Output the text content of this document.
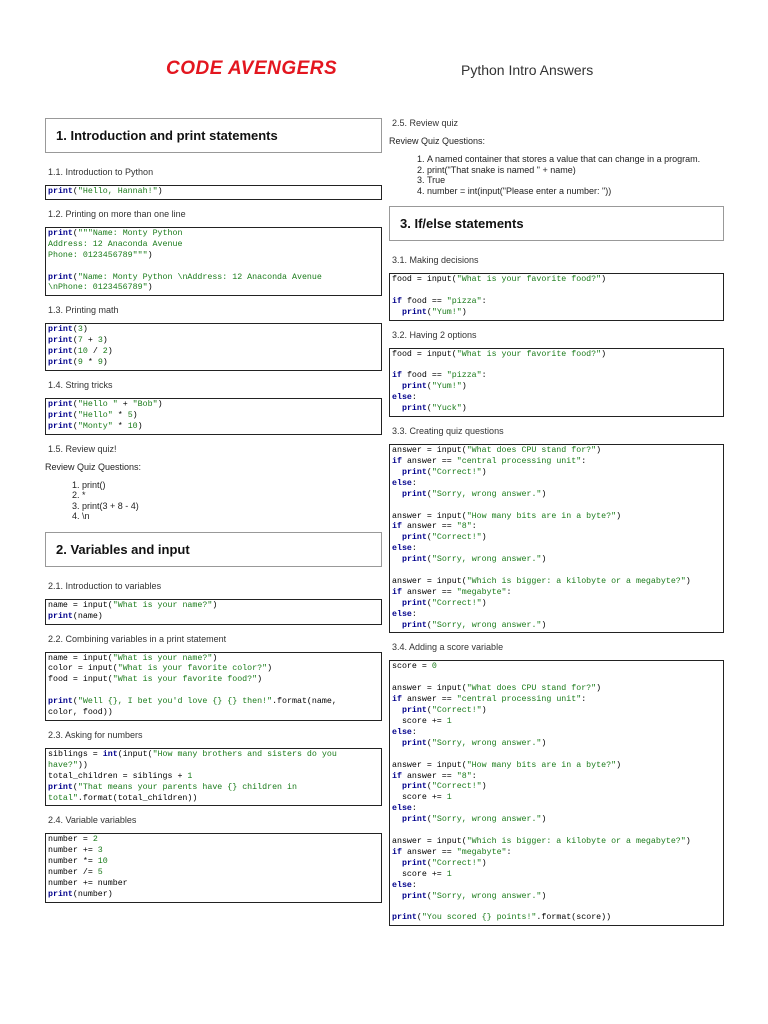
CODE AVENGERS	Python Intro Answers
1. Introduction and print statements
1.1. Introduction to Python
print("Hello, Hannah!")
1.2. Printing on more than one line
print("""Name: Monty Python
Address: 12 Anaconda Avenue
Phone: 0123456789""")

print("Name: Monty Python \nAddress: 12 Anaconda Avenue
\nPhone: 0123456789")
1.3. Printing math
print(3)
print(7 + 3)
print(10 / 2)
print(9 * 9)
1.4. String tricks
print("Hello " + "Bob")
print("Hello" * 5)
print("Monty" * 10)
1.5. Review quiz!
Review Quiz Questions:
1. print()
2. *
3. print(3 + 8 - 4)
4. \n
2. Variables and input
2.1. Introduction to variables
name = input("What is your name?")
print(name)
2.2. Combining variables in a print statement
name = input("What is your name?")
color = input("What is your favorite color?")
food = input("What is your favorite food?")

print("Well {}, I bet you'd love {} {} then!".format(name,
color, food))
2.3. Asking for numbers
siblings = int(input("How many brothers and sisters do you
have?"))
total_children = siblings + 1
print("That means your parents have {} children in
total".format(total_children))
2.4. Variable variables
number = 2
number += 3
number *= 10
number /= 5
number += number
print(number)
2.5. Review quiz
Review Quiz Questions:
1. A named container that stores a value that can change in a program.
2. print("That snake is named " + name)
3. True
4. number = int(input("Please enter a number: "))
3. If/else statements
3.1. Making decisions
food = input("What is your favorite food?")

if food == "pizza":
print("Yum!")
3.2. Having 2 options
food = input("What is your favorite food?")

if food == "pizza":
print("Yum!")
else:
print("Yuck")
3.3. Creating quiz questions
answer = input("What does CPU stand for?")
if answer == "central processing unit":
print("Correct!")
else:
print("Sorry, wrong answer.")

answer = input("How many bits are in a byte?")
if answer == "8":
print("Correct!")
else:
print("Sorry, wrong answer.")

answer = input("Which is bigger: a kilobyte or a megabyte?")
if answer == "megabyte":
print("Correct!")
else:
print("Sorry, wrong answer.")
3.4. Adding a score variable
score = 0

answer = input("What does CPU stand for?")
if answer == "central processing unit":
print("Correct!")
score += 1
else:
print("Sorry, wrong answer.")

answer = input("How many bits are in a byte?")
if answer == "8":
print("Correct!")
score += 1
else:
print("Sorry, wrong answer.")

answer = input("Which is bigger: a kilobyte or a megabyte?")
if answer == "megabyte":
print("Correct!")
score += 1
else:
print("Sorry, wrong answer.")

print("You scored {} points!".format(score))
